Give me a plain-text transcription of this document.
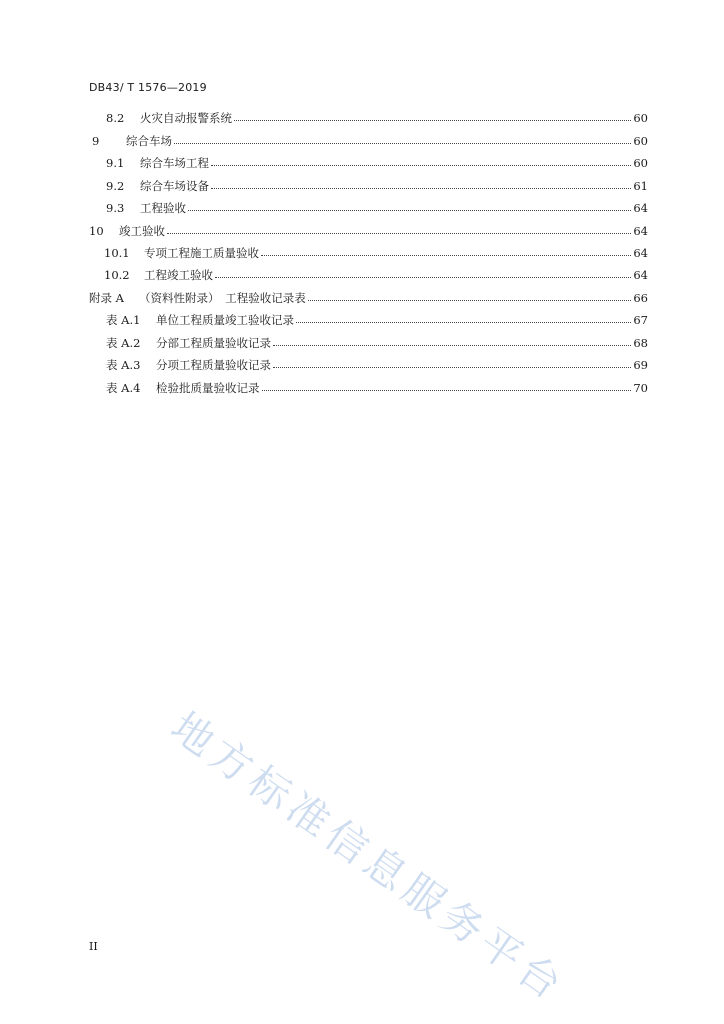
DB43/ T 1576—2019
8.2	火灾自动报警系统	60
9	综合车场	60
9.1	综合车场工程	60
9.2	综合车场设备	61
9.3	工程验收	64
10	竣工验收	64
10.1	专项工程施工质量验收	64
10.2	工程竣工验收	64
附录 A	（资料性附录）　工程验收记录表	66
表 A.1	单位工程质量竣工验收记录	67
表 A.2	分部工程质量验收记录	68
表 A.3	分项工程质量验收记录	69
表 A.4	检验批质量验收记录	70
地方标准信息服务平台
II
